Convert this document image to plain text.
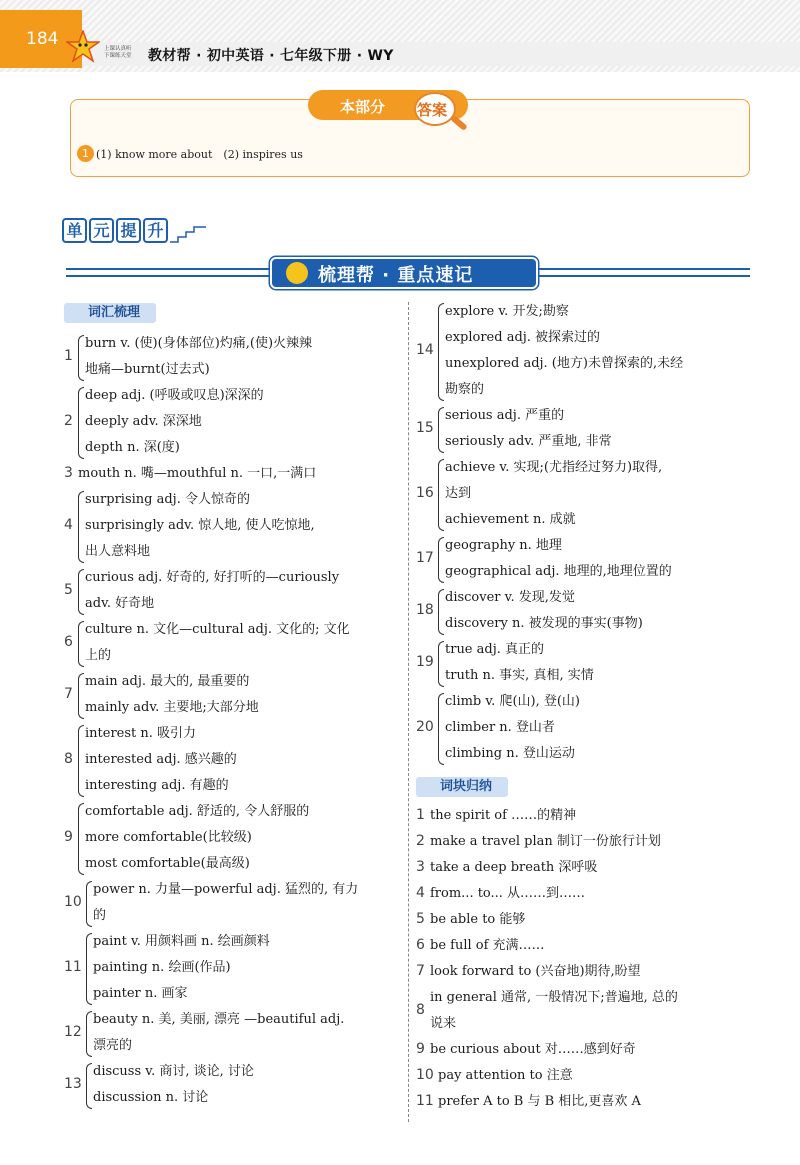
184	上课认真听
下课练天堂	教材帮 · 初中英语 · 七年级下册 · WY
本部分 答案
1 (1) know more about　(2) inspires us
单 元 提 升
梳理帮 · 重点速记
词汇梳理
1
burn v. (使)(身体部位)灼痛,(使)火辣辣
地痛—burnt(过去式)
2
deep adj. (呼吸或叹息)深深的
deeply adv. 深深地
depth n. 深(度)
3 mouth n. 嘴—mouthful n. 一口,一满口
4
surprising adj. 令人惊奇的
surprisingly adv. 惊人地, 使人吃惊地,
出人意料地
5
curious adj. 好奇的, 好打听的—curiously
adv. 好奇地
6
culture n. 文化—cultural adj. 文化的; 文化
上的
7
main adj. 最大的, 最重要的
mainly adv. 主要地;大部分地
8
interest n. 吸引力
interested adj. 感兴趣的
interesting adj. 有趣的
9
comfortable adj. 舒适的, 令人舒服的
more comfortable(比较级)
most comfortable(最高级)
10
power n. 力量—powerful adj. 猛烈的, 有力
的
11
paint v. 用颜料画 n. 绘画颜料
painting n. 绘画(作品)
painter n. 画家
12
beauty n. 美, 美丽, 漂亮 —beautiful adj.
漂亮的
13
discuss v. 商讨, 谈论, 讨论
discussion n. 讨论
14
explore v. 开发;勘察
explored adj. 被探索过的
unexplored adj. (地方)未曾探索的,未经
勘察的
15
serious adj. 严重的
seriously adv. 严重地, 非常
16
achieve v. 实现;(尤指经过努力)取得,
达到
achievement n. 成就
17
geography n. 地理
geographical adj. 地理的,地理位置的
18
discover v. 发现,发觉
discovery n. 被发现的事实(事物)
19
true adj. 真正的
truth n. 事实, 真相, 实情
20
climb v. 爬(山), 登(山)
climber n. 登山者
climbing n. 登山运动
词块归纳
1 the spirit of ……的精神
2 make a travel plan 制订一份旅行计划
3 take a deep breath 深呼吸
4 from... to... 从……到……
5 be able to 能够
6 be full of 充满……
7 look forward to (兴奋地)期待,盼望
8
in general 通常, 一般情况下;普遍地, 总的
说来
9 be curious about 对……感到好奇
10 pay attention to 注意
11 prefer A to B 与 B 相比,更喜欢 A
